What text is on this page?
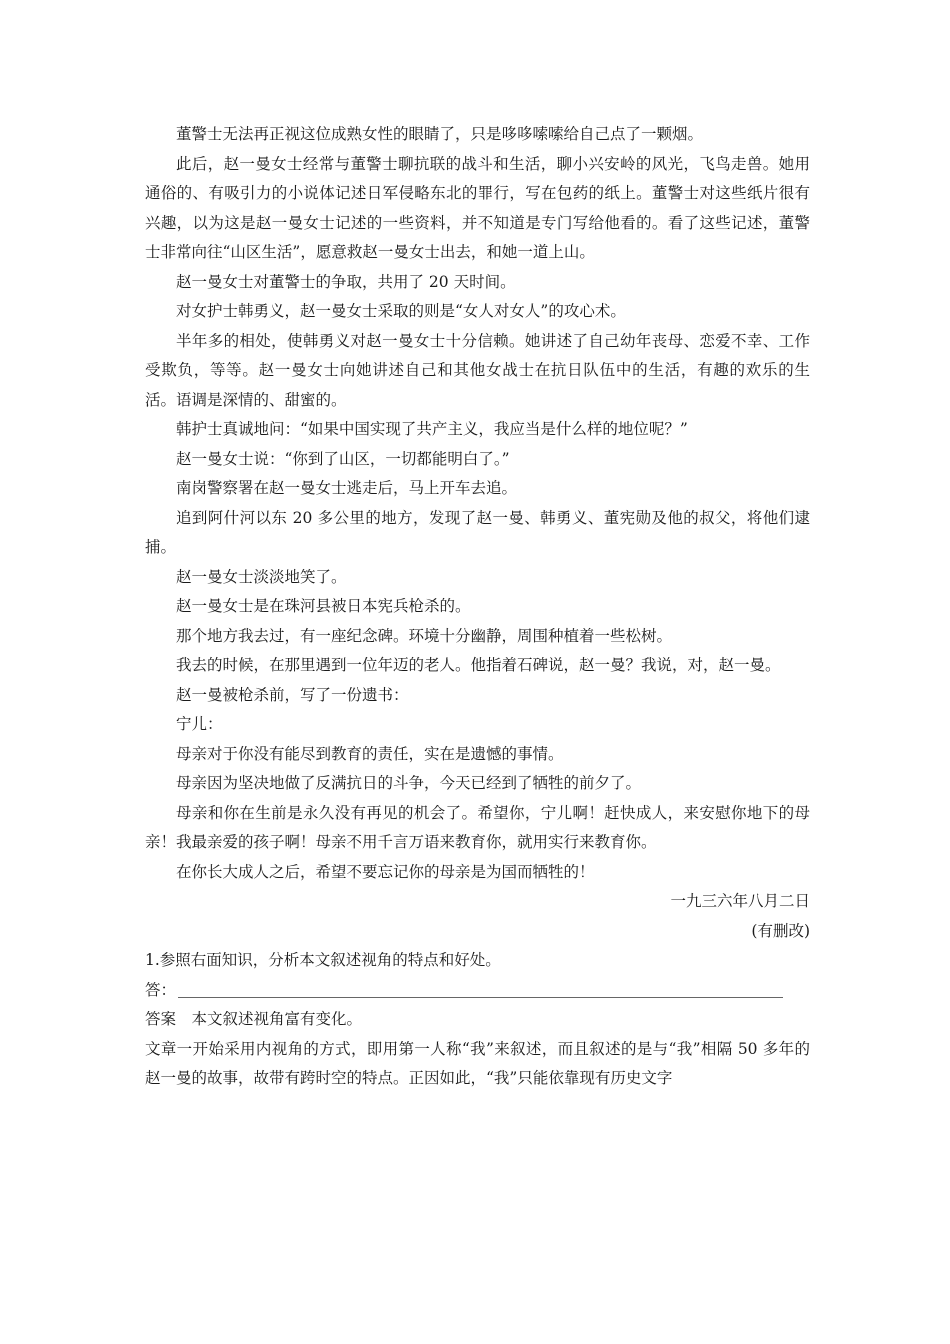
董警士无法再正视这位成熟女性的眼睛了，只是哆哆嗦嗦给自己点了一颗烟。

此后，赵一曼女士经常与董警士聊抗联的战斗和生活，聊小兴安岭的风光，飞鸟走兽。她用通俗的、有吸引力的小说体记述日军侵略东北的罪行，写在包药的纸上。董警士对这些纸片很有兴趣，以为这是赵一曼女士记述的一些资料，并不知道是专门写给他看的。看了这些记述，董警士非常向往“山区生活”，愿意救赵一曼女士出去，和她一道上山。

赵一曼女士对董警士的争取，共用了 20 天时间。

对女护士韩勇义，赵一曼女士采取的则是“女人对女人”的攻心术。

半年多的相处，使韩勇义对赵一曼女士十分信赖。她讲述了自己幼年丧母、恋爱不幸、工作受欺负，等等。赵一曼女士向她讲述自己和其他女战士在抗日队伍中的生活，有趣的欢乐的生活。语调是深情的、甜蜜的。

韩护士真诚地问：“如果中国实现了共产主义，我应当是什么样的地位呢？”

赵一曼女士说：“你到了山区，一切都能明白了。”

南岗警察署在赵一曼女士逃走后，马上开车去追。

追到阿什河以东 20 多公里的地方，发现了赵一曼、韩勇义、董宪勋及他的叔父，将他们逮捕。

赵一曼女士淡淡地笑了。

赵一曼女士是在珠河县被日本宪兵枪杀的。

那个地方我去过，有一座纪念碑。环境十分幽静，周围种植着一些松树。

我去的时候，在那里遇到一位年迈的老人。他指着石碑说，赵一曼？我说，对，赵一曼。

赵一曼被枪杀前，写了一份遗书：

宁儿：

母亲对于你没有能尽到教育的责任，实在是遗憾的事情。

母亲因为坚决地做了反满抗日的斗争，今天已经到了牺牲的前夕了。

母亲和你在生前是永久没有再见的机会了。希望你，宁儿啊！赶快成人，来安慰你地下的母亲！我最亲爱的孩子啊！母亲不用千言万语来教育你，就用实行来教育你。

在你长大成人之后，希望不要忘记你的母亲是为国而牺牲的！

一九三六年八月二日

(有删改)

1.参照右面知识，分析本文叙述视角的特点和好处。

答：

答案　本文叙述视角富有变化。

文章一开始采用内视角的方式，即用第一人称“我”来叙述，而且叙述的是与“我”相隔 50 多年的赵一曼的故事，故带有跨时空的特点。正因如此，“我”只能依靠现有历史文字
